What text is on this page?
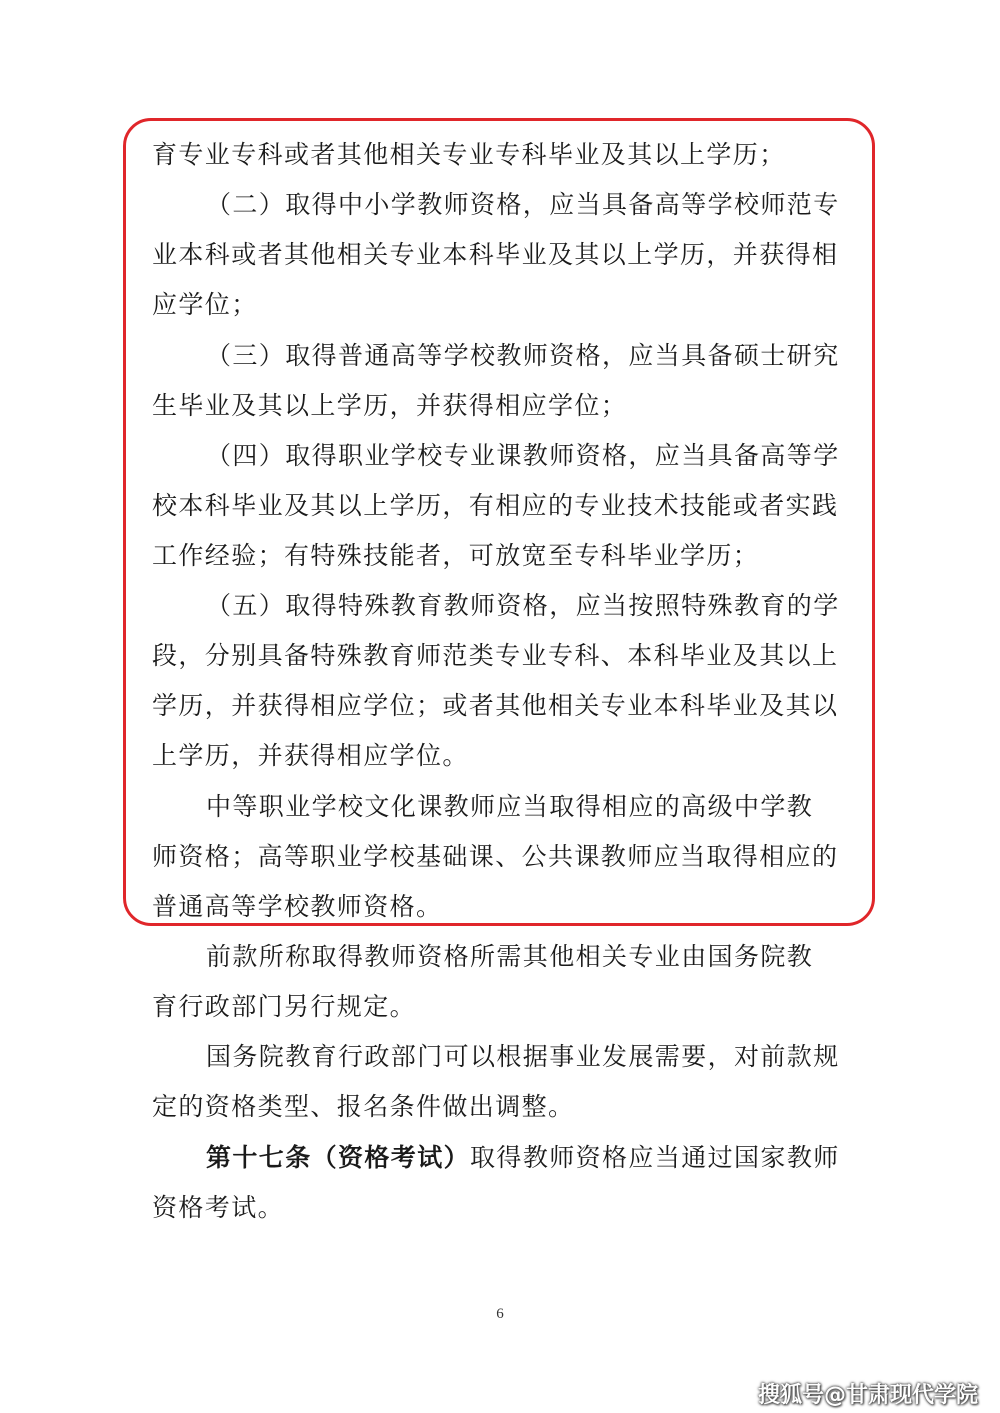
育专业专科或者其他相关专业专科毕业及其以上学历；
（二）取得中小学教师资格，应当具备高等学校师范专
业本科或者其他相关专业本科毕业及其以上学历，并获得相
应学位；
（三）取得普通高等学校教师资格，应当具备硕士研究
生毕业及其以上学历，并获得相应学位；
（四）取得职业学校专业课教师资格，应当具备高等学
校本科毕业及其以上学历，有相应的专业技术技能或者实践
工作经验；有特殊技能者，可放宽至专科毕业学历；
（五）取得特殊教育教师资格，应当按照特殊教育的学
段，分别具备特殊教育师范类专业专科、本科毕业及其以上
学历，并获得相应学位；或者其他相关专业本科毕业及其以
上学历，并获得相应学位。
中等职业学校文化课教师应当取得相应的高级中学教
师资格；高等职业学校基础课、公共课教师应当取得相应的
普通高等学校教师资格。
前款所称取得教师资格所需其他相关专业由国务院教
育行政部门另行规定。
国务院教育行政部门可以根据事业发展需要，对前款规
定的资格类型、报名条件做出调整。
第十七条（资格考试）取得教师资格应当通过国家教师
资格考试。
6
搜狐号@甘肃现代学院
